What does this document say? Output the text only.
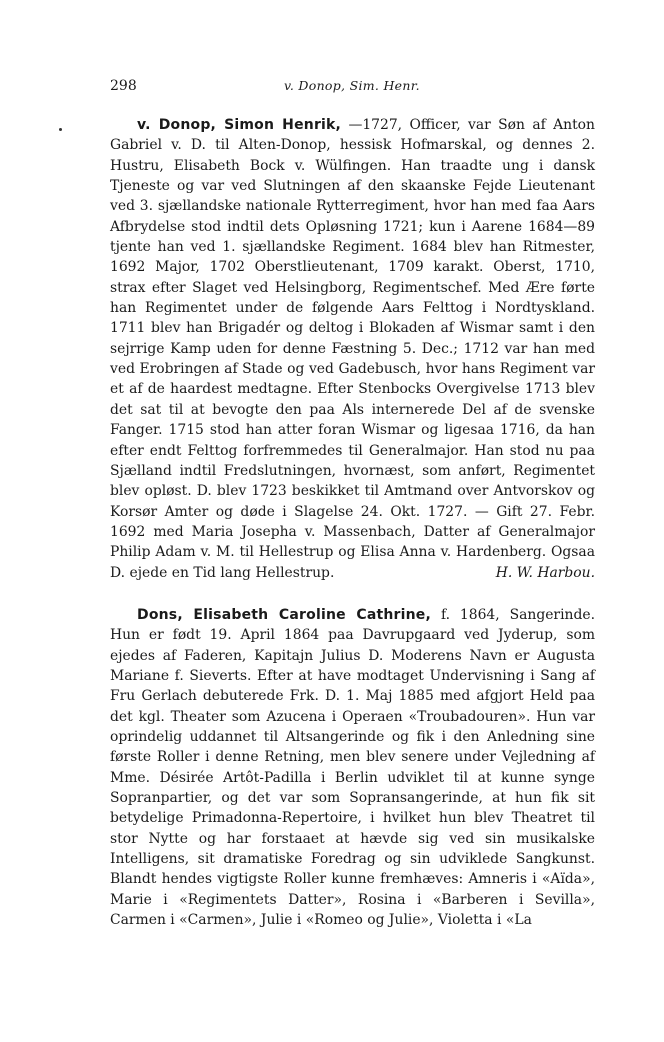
298	v. Donop, Sim. Henr.
v. Donop, Simon Henrik, —1727, Officer, var Søn af Anton Gabriel v. D. til Alten-Donop, hessisk Hofmarskal, og dennes 2. Hustru, Elisabeth Bock v. Wülfingen. Han traadte ung i dansk Tjeneste og var ved Slutningen af den skaanske Fejde Lieutenant ved 3. sjællandske nationale Rytterregiment, hvor han med faa Aars Afbrydelse stod indtil dets Opløsning 1721; kun i Aarene 1684—89 tjente han ved 1. sjællandske Regiment. 1684 blev han Ritmester, 1692 Major, 1702 Oberstlieutenant, 1709 karakt. Oberst, 1710, strax efter Slaget ved Helsingborg, Regimentschef. Med Ære førte han Regimentet under de følgende Aars Felttog i Nordtyskland. 1711 blev han Brigadér og deltog i Blokaden af Wismar samt i den sejrrige Kamp uden for denne Fæstning 5. Dec.; 1712 var han med ved Erobringen af Stade og ved Gadebusch, hvor hans Regiment var et af de haardest medtagne. Efter Stenbocks Overgivelse 1713 blev det sat til at bevogte den paa Als internerede Del af de svenske Fanger. 1715 stod han atter foran Wismar og ligesaa 1716, da han efter endt Felttog forfremmedes til Generalmajor. Han stod nu paa Sjælland indtil Fredslutningen, hvornæst, som anført, Regimentet blev opløst. D. blev 1723 beskikket til Amtmand over Antvorskov og Korsør Amter og døde i Slagelse 24. Okt. 1727. — Gift 27. Febr. 1692 med Maria Josepha v. Massenbach, Datter af Generalmajor Philip Adam v. M. til Hellestrup og Elisa Anna v. Hardenberg. Ogsaa D. ejede en Tid lang Hellestrup.	H. W. Harbou.
Dons, Elisabeth Caroline Cathrine, f. 1864, Sangerinde. Hun er født 19. April 1864 paa Davrupgaard ved Jyderup, som ejedes af Faderen, Kapitajn Julius D. Moderens Navn er Augusta Mariane f. Sieverts. Efter at have modtaget Undervisning i Sang af Fru Gerlach debuterede Frk. D. 1. Maj 1885 med afgjort Held paa det kgl. Theater som Azucena i Operaen «Troubadouren». Hun var oprindelig uddannet til Altsangerinde og fik i den Anledning sine første Roller i denne Retning, men blev senere under Vejledning af Mme. Désirée Artôt-Padilla i Berlin udviklet til at kunne synge Sopranpartier, og det var som Sopransangerinde, at hun fik sit betydelige Primadonna-Repertoire, i hvilket hun blev Theatret til stor Nytte og har forstaaet at hævde sig ved sin musikalske Intelligens, sit dramatiske Foredrag og sin udviklede Sangkunst. Blandt hendes vigtigste Roller kunne fremhæves: Amneris i «Aïda», Marie i «Regimentets Datter», Rosina i «Barberen i Sevilla», Carmen i «Carmen», Julie i «Romeo og Julie», Violetta i «La
